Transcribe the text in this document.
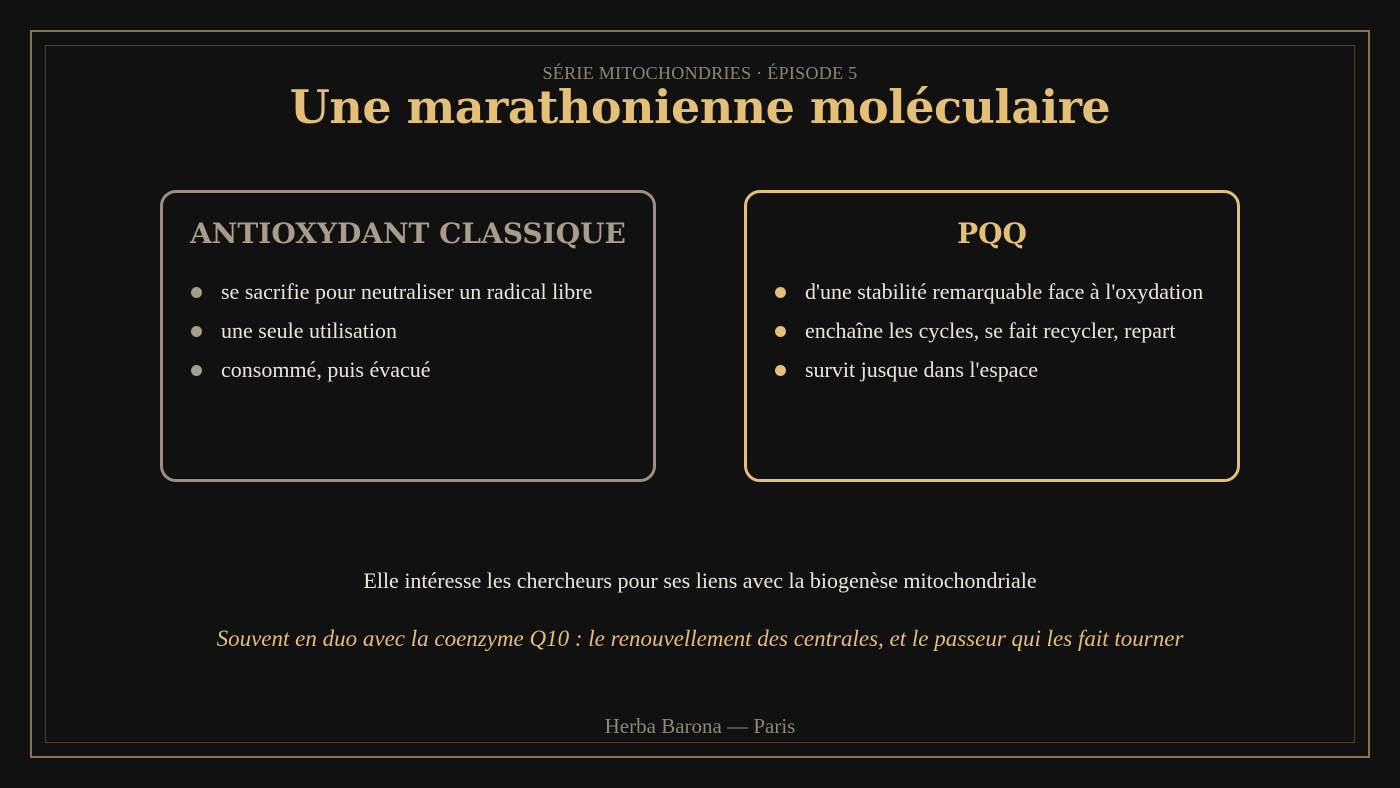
SÉRIE MITOCHONDRIES · ÉPISODE 5
Une marathonienne moléculaire
ANTIOXYDANT CLASSIQUE
se sacrifie pour neutraliser un radical libre
une seule utilisation
consommé, puis évacué
PQQ
d'une stabilité remarquable face à l'oxydation
enchaîne les cycles, se fait recycler, repart
survit jusque dans l'espace
Elle intéresse les chercheurs pour ses liens avec la biogenèse mitochondriale
Souvent en duo avec la coenzyme Q10 : le renouvellement des centrales, et le passeur qui les fait tourner
Herba Barona — Paris
